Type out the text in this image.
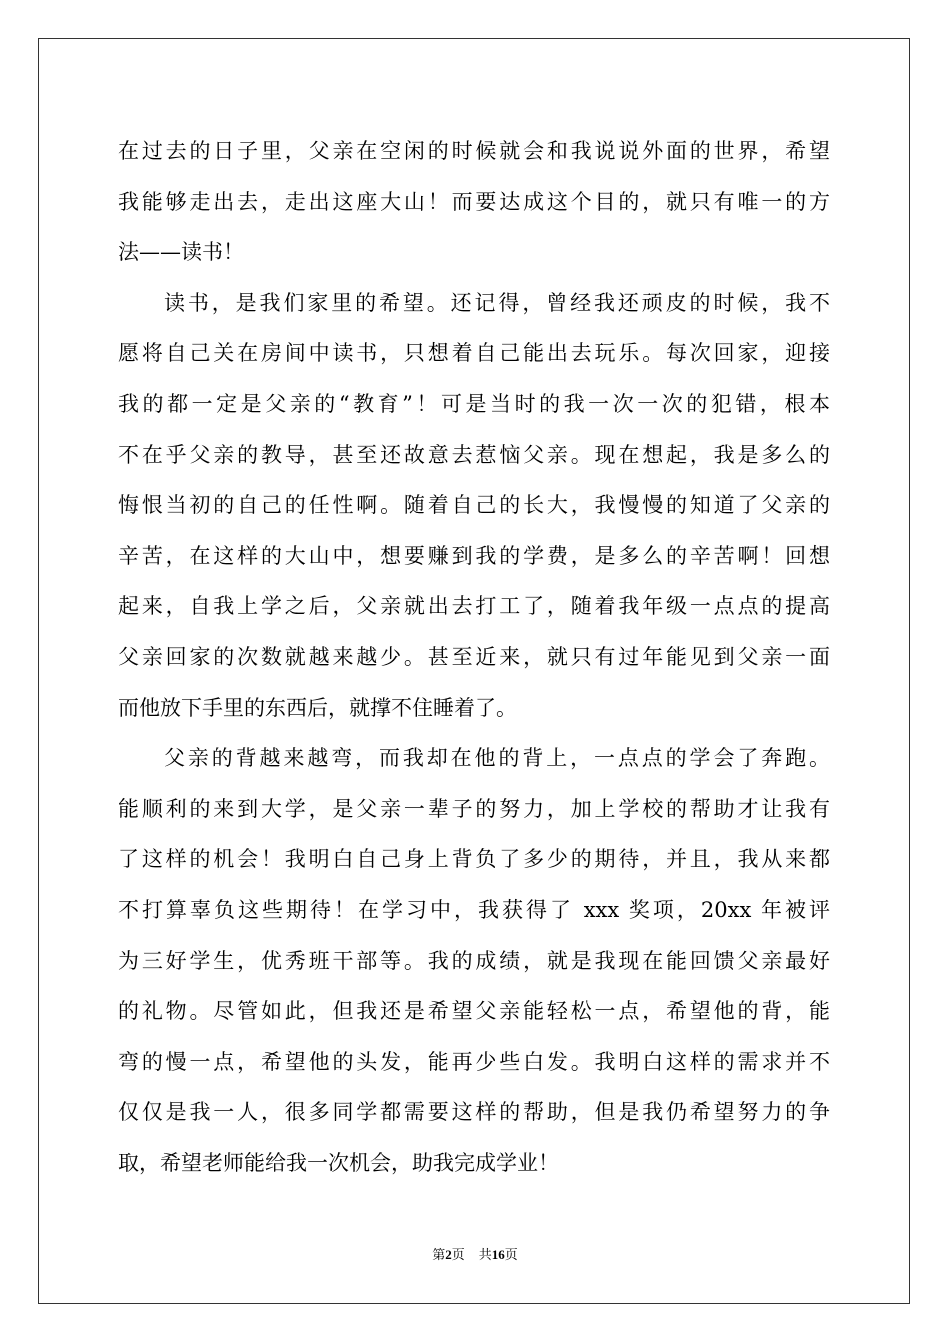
在过去的日子里，父亲在空闲的时候就会和我说说外面的世界，希望
我能够走出去，走出这座大山！而要达成这个目的，就只有唯一的方
法——读书！
读书，是我们家里的希望。还记得，曾经我还顽皮的时候，我不
愿将自己关在房间中读书，只想着自己能出去玩乐。每次回家，迎接
我的都一定是父亲的“教育”！可是当时的我一次一次的犯错，根本
不在乎父亲的教导，甚至还故意去惹恼父亲。现在想起，我是多么的
悔恨当初的自己的任性啊。随着自己的长大，我慢慢的知道了父亲的
辛苦，在这样的大山中，想要赚到我的学费，是多么的辛苦啊！回想
起来，自我上学之后，父亲就出去打工了，随着我年级一点点的提高
父亲回家的次数就越来越少。甚至近来，就只有过年能见到父亲一面
而他放下手里的东西后，就撑不住睡着了。
父亲的背越来越弯，而我却在他的背上，一点点的学会了奔跑。
能顺利的来到大学，是父亲一辈子的努力，加上学校的帮助才让我有
了这样的机会！我明白自己身上背负了多少的期待，并且，我从来都
不打算辜负这些期待！在学习中，我获得了 xxx 奖项，20xx 年被评
为三好学生，优秀班干部等。我的成绩，就是我现在能回馈父亲最好
的礼物。尽管如此，但我还是希望父亲能轻松一点，希望他的背，能
弯的慢一点，希望他的头发，能再少些白发。我明白这样的需求并不
仅仅是我一人，很多同学都需要这样的帮助，但是我仍希望努力的争
取，希望老师能给我一次机会，助我完成学业！
第2页 共16页
